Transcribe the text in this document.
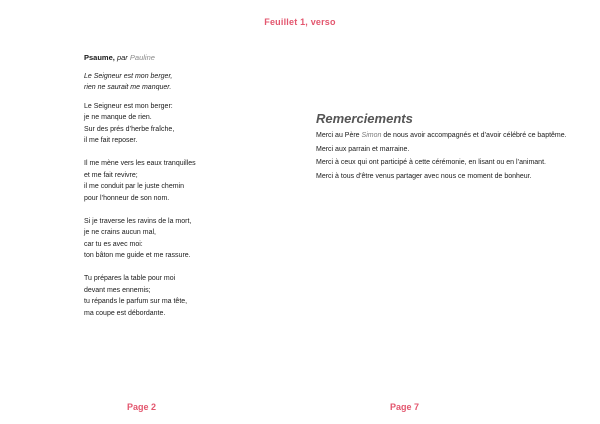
Feuillet 1, verso
Psaume, par Pauline
Le Seigneur est mon berger,
rien ne saurait me manquer.
Le Seigneur est mon berger:
je ne manque de rien.
Sur des prés d’herbe fraîche,
il me fait reposer.
Il me mène vers les eaux tranquilles
et me fait revivre;
il me conduit par le juste chemin
pour l’honneur de son nom.
Si je traverse les ravins de la mort,
je ne crains aucun mal,
car tu es avec moi:
ton bâton me guide et me rassure.
Tu prépares la table pour moi
devant mes ennemis;
tu répands le parfum sur ma tête,
ma coupe est débordante.
Remerciements
Merci au Père Simon de nous avoir accompagnés et d’avoir célébré ce baptême.
Merci aux parrain et marraine.
Merci à ceux qui ont participé à cette cérémonie, en lisant ou en l’animant.
Merci à tous d’être venus partager avec nous ce moment de bonheur.
Page 2	Page 7
